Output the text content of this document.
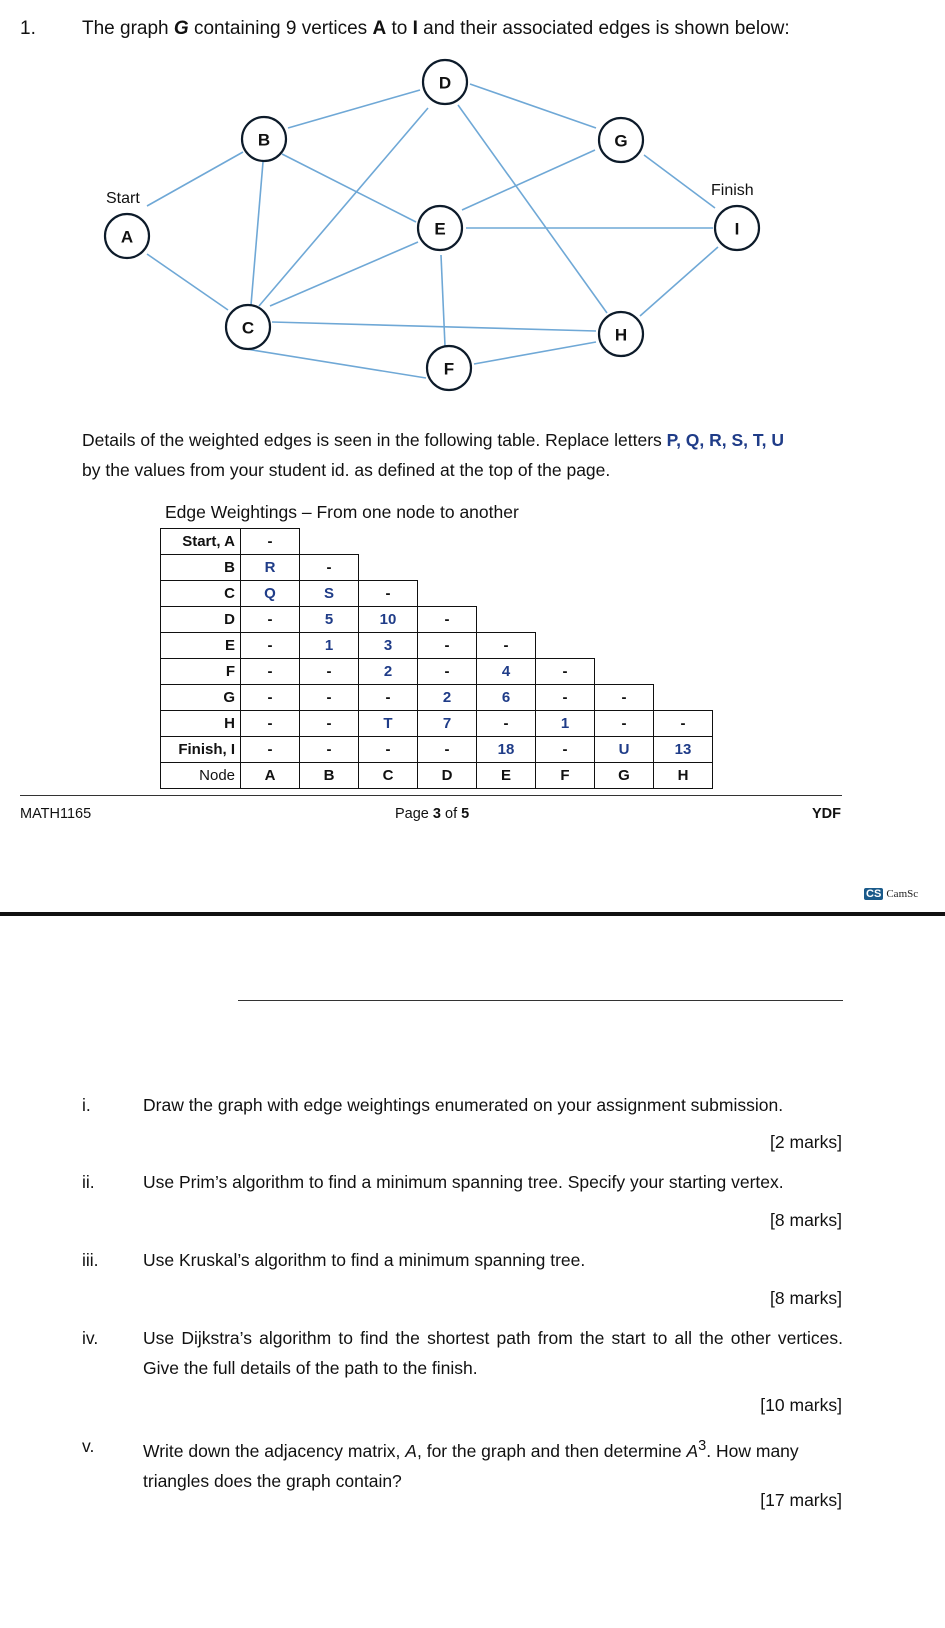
1. The graph G containing 9 vertices A to I and their associated edges is shown below:
A
B
C
D
E
F
G
H
I
Start	Finish
Details of the weighted edges is seen in the following table. Replace letters P, Q, R, S, T, U
by the values from your student id. as defined at the top of the page.
Edge Weightings – From one node to another
Start, A	-							
B	R	-						
C	Q	S	-					
D	-	5	10	-				
E	-	1	3	-	-			
F	-	-	2	-	4	-		
G	-	-	-	2	6	-	-	
H	-	-	T	7	-	1	-	-
Finish, I	-	-	-	-	18	-	U	13
Node	A	B	C	D	E	F	G	H
MATH1165	Page 3 of 5	YDF
CS CamSc
i.	Draw the graph with edge weightings enumerated on your assignment submission.
[2 marks]
ii.	Use Prim’s algorithm to find a minimum spanning tree. Specify your starting vertex.
[8 marks]
iii.	Use Kruskal’s algorithm to find a minimum spanning tree.
[8 marks]
iv.	Use Dijkstra’s algorithm to find the shortest path from the start to all the other vertices. Give the full details of the path to the finish.
[10 marks]
v.	Write down the adjacency matrix, A, for the graph and then determine $A^3$. How many triangles does the graph contain?
[17 marks]
